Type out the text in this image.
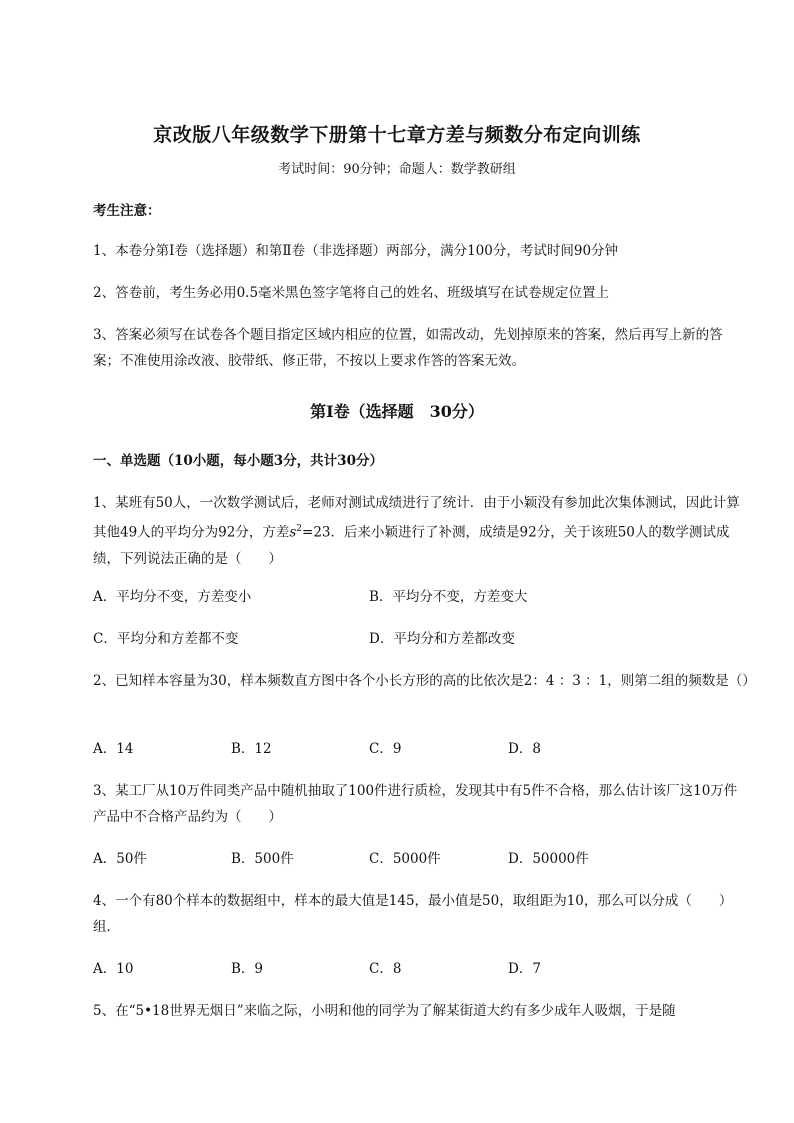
京改版八年级数学下册第十七章方差与频数分布定向训练
考试时间：90分钟；命题人：数学教研组
考生注意：
1、本卷分第I卷（选择题）和第Ⅱ卷（非选择题）两部分，满分100分，考试时间90分钟
2、答卷前，考生务必用0.5毫米黑色签字笔将自己的姓名、班级填写在试卷规定位置上
3、答案必须写在试卷各个题目指定区域内相应的位置，如需改动，先划掉原来的答案，然后再写上新的答案；不准使用涂改液、胶带纸、修正带，不按以上要求作答的答案无效。
第I卷（选择题　30分）
一、单选题（10小题，每小题3分，共计30分）
1、某班有50人，一次数学测试后，老师对测试成绩进行了统计．由于小颖没有参加此次集体测试，因此计算其他49人的平均分为92分，方差$s^2=23$．后来小颖进行了补测，成绩是92分，关于该班50人的数学测试成绩，下列说法正确的是（　　）
A．平均分不变，方差变小	B．平均分不变，方差变大
C．平均分和方差都不变	D．平均分和方差都改变
2、已知样本容量为30，样本频数直方图中各个小长方形的高的比依次是2：4 ：3 ：1，则第二组的频数是（）
A．14	B．12	C．9	D．8
3、某工厂从10万件同类产品中随机抽取了100件进行质检，发现其中有5件不合格，那么估计该厂这10万件产品中不合格产品约为（　　）
A．50件	B．500件	C．5000件	D．50000件
4、一个有80个样本的数据组中，样本的最大值是145，最小值是50，取组距为10，那么可以分成（　　）组．
A．10	B．9	C．8	D．7
5、在“5•18世界无烟日”来临之际，小明和他的同学为了解某街道大约有多少成年人吸烟，于是随
